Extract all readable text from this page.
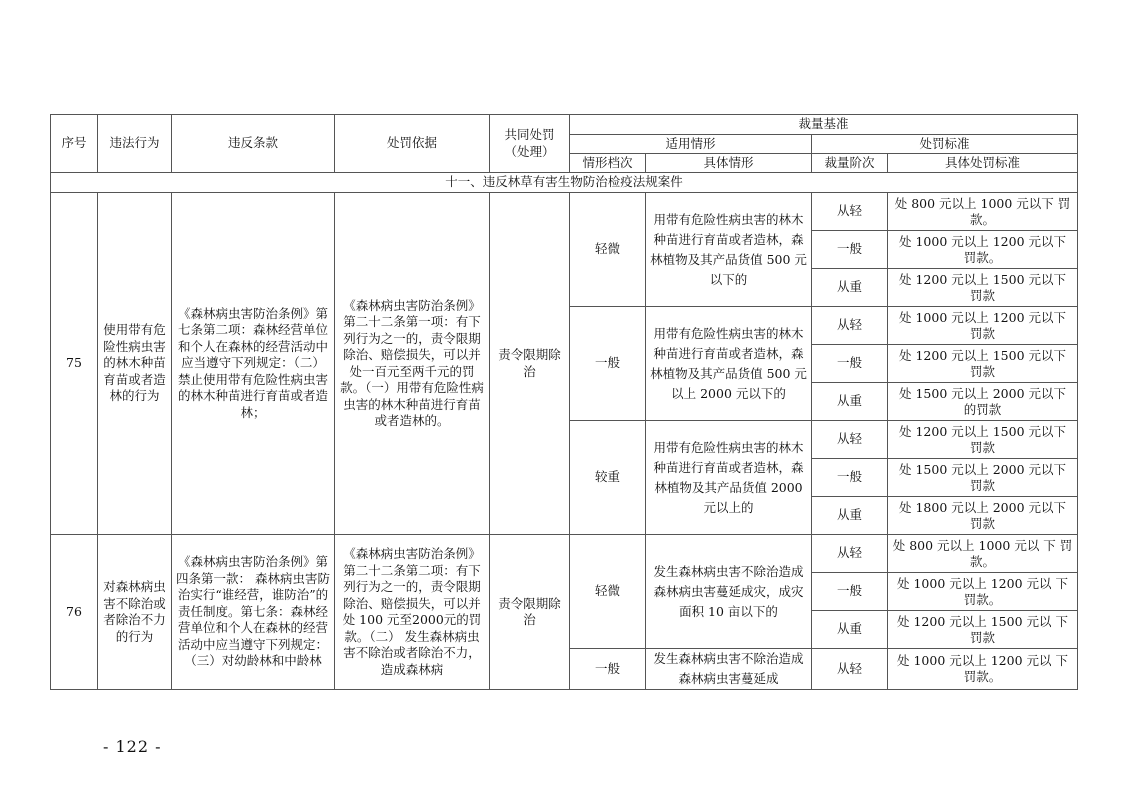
序号	违法行为	违反条款	处罚依据	共同处罚（处理）	裁量基准			
					适用情形		处罚标准	
					情形档次	具体情形	裁量阶次	具体处罚标准
十一、违反林草有害生物防治检疫法规案件								
75	使用带有危险性病虫害的林木种苗育苗或者造林的行为	《森林病虫害防治条例》第七条第二项：森林经营单位和个人在森林的经营活动中应当遵守下列规定：（二）禁止使用带有危险性病虫害的林木种苗进行育苗或者造林；	《森林病虫害防治条例》第二十二条第一项：有下列行为之一的，责令限期除治、赔偿损失，可以并处一百元至两千元的罚款。（一）用带有危险性病虫害的林木种苗进行育苗或者造林的。	责令限期除治	轻微	用带有危险性病虫害的林木种苗进行育苗或者造林，森林植物及其产品货值 500 元以下的	从轻	处 800 元以上 1000 元以下 罚款。
							一般	处 1000 元以上 1200 元以下 罚款。
							从重	处 1200 元以上 1500 元以下 罚款
					一般	用带有危险性病虫害的林木种苗进行育苗或者造林，森林植物及其产品货值 500 元以上 2000 元以下的	从轻	处 1000 元以上 1200 元以下 罚款
							一般	处 1200 元以上 1500 元以下 罚款
							从重	处 1500 元以上 2000 元以下 的罚款
					较重	用带有危险性病虫害的林木种苗进行育苗或者造林，森林植物及其产品货值 2000 元以上的	从轻	处 1200 元以上 1500 元以下 罚款
							一般	处 1500 元以上 2000 元以下 罚款
							从重	处 1800 元以上 2000 元以下 罚款
76	对森林病虫害不除治或者除治不力的行为	《森林病虫害防治条例》第四条第一款： 森林病虫害防治实行“谁经营，谁防治”的责任制度。第七条：森林经营单位和个人在森林的经营活动中应当遵守下列规定：（三）对幼龄林和中龄林	《森林病虫害防治条例》第二十二条第二项：有下列行为之一的，责令限期除治、赔偿损失，可以并处 100 元至2000元的罚款。（二） 发生森林病虫害不除治或者除治不力，造成森林病	责令限期除治	轻微	发生森林病虫害不除治造成森林病虫害蔓延成灾，成灾面积 10 亩以下的	从轻	处 800 元以上 1000 元以 下 罚款。
							一般	处 1000 元以上 1200 元以 下 罚款。
							从重	处 1200 元以上 1500 元以 下 罚款
					一般	发生森林病虫害不除治造成森林病虫害蔓延成	从轻	处 1000 元以上 1200 元以 下 罚款。
- 122 -
